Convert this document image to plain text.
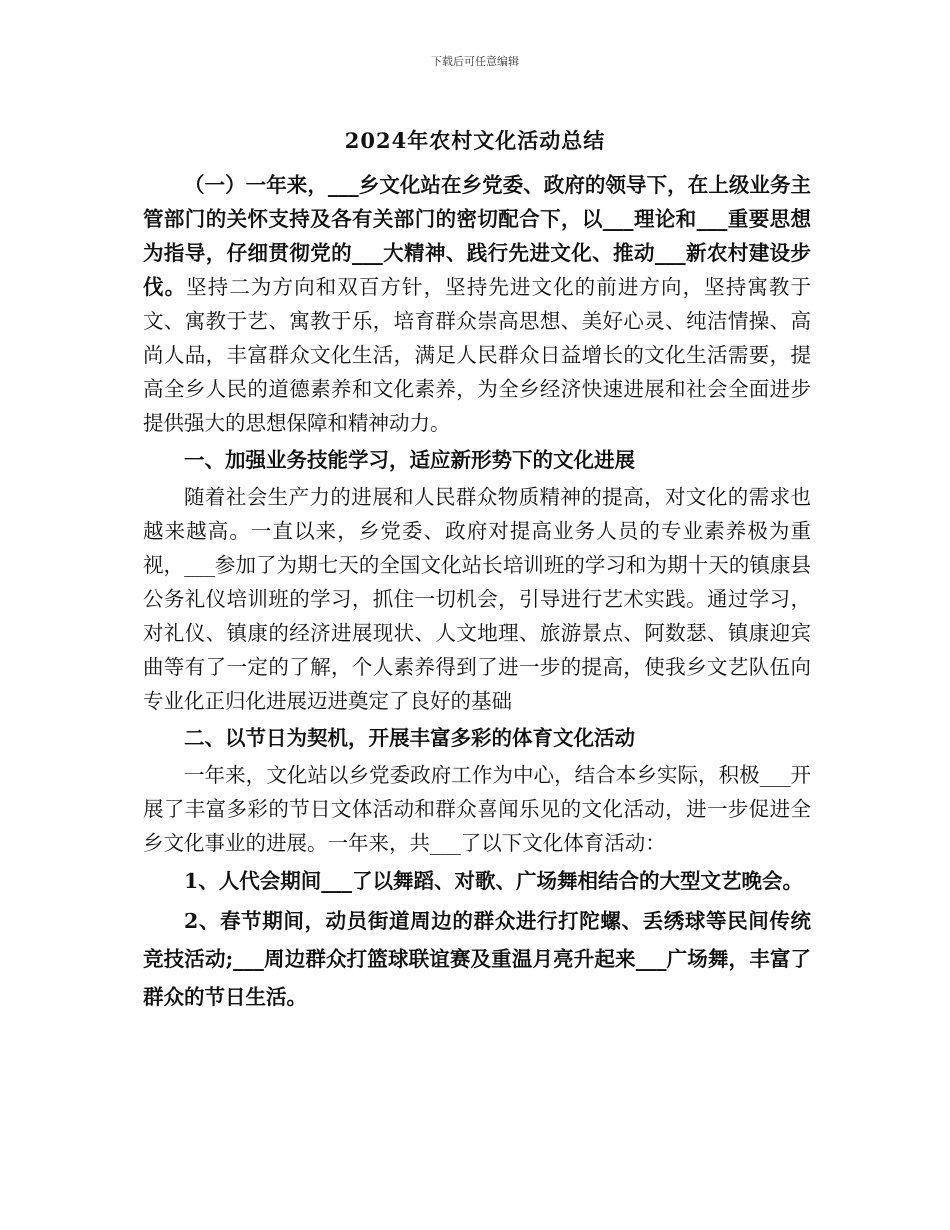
下载后可任意编辑
2024年农村文化活动总结

（一）一年来，___乡文化站在乡党委、政府的领导下，在上级业务主管部门的关怀支持及各有关部门的密切配合下，以___理论和___重要思想为指导，仔细贯彻党的___大精神、践行先进文化、推动___新农村建设步伐。坚持二为方向和双百方针，坚持先进文化的前进方向，坚持寓教于文、寓教于艺、寓教于乐，培育群众崇高思想、美好心灵、纯洁情操、高尚人品，丰富群众文化生活，满足人民群众日益增长的文化生活需要，提高全乡人民的道德素养和文化素养，为全乡经济快速进展和社会全面进步提供强大的思想保障和精神动力。

一、加强业务技能学习，适应新形势下的文化进展

随着社会生产力的进展和人民群众物质精神的提高，对文化的需求也越来越高。一直以来，乡党委、政府对提高业务人员的专业素养极为重视，___参加了为期七天的全国文化站长培训班的学习和为期十天的镇康县公务礼仪培训班的学习，抓住一切机会，引导进行艺术实践。通过学习，对礼仪、镇康的经济进展现状、人文地理、旅游景点、阿数瑟、镇康迎宾曲等有了一定的了解，个人素养得到了进一步的提高，使我乡文艺队伍向专业化正归化进展迈进奠定了良好的基础

二、以节日为契机，开展丰富多彩的体育文化活动

一年来，文化站以乡党委政府工作为中心，结合本乡实际，积极___开展了丰富多彩的节日文体活动和群众喜闻乐见的文化活动，进一步促进全乡文化事业的进展。一年来，共___了以下文化体育活动：

1、人代会期间___了以舞蹈、对歌、广场舞相结合的大型文艺晚会。

2、春节期间，动员街道周边的群众进行打陀螺、丢绣球等民间传统竞技活动;___周边群众打篮球联谊赛及重温月亮升起来___广场舞，丰富了群众的节日生活。
